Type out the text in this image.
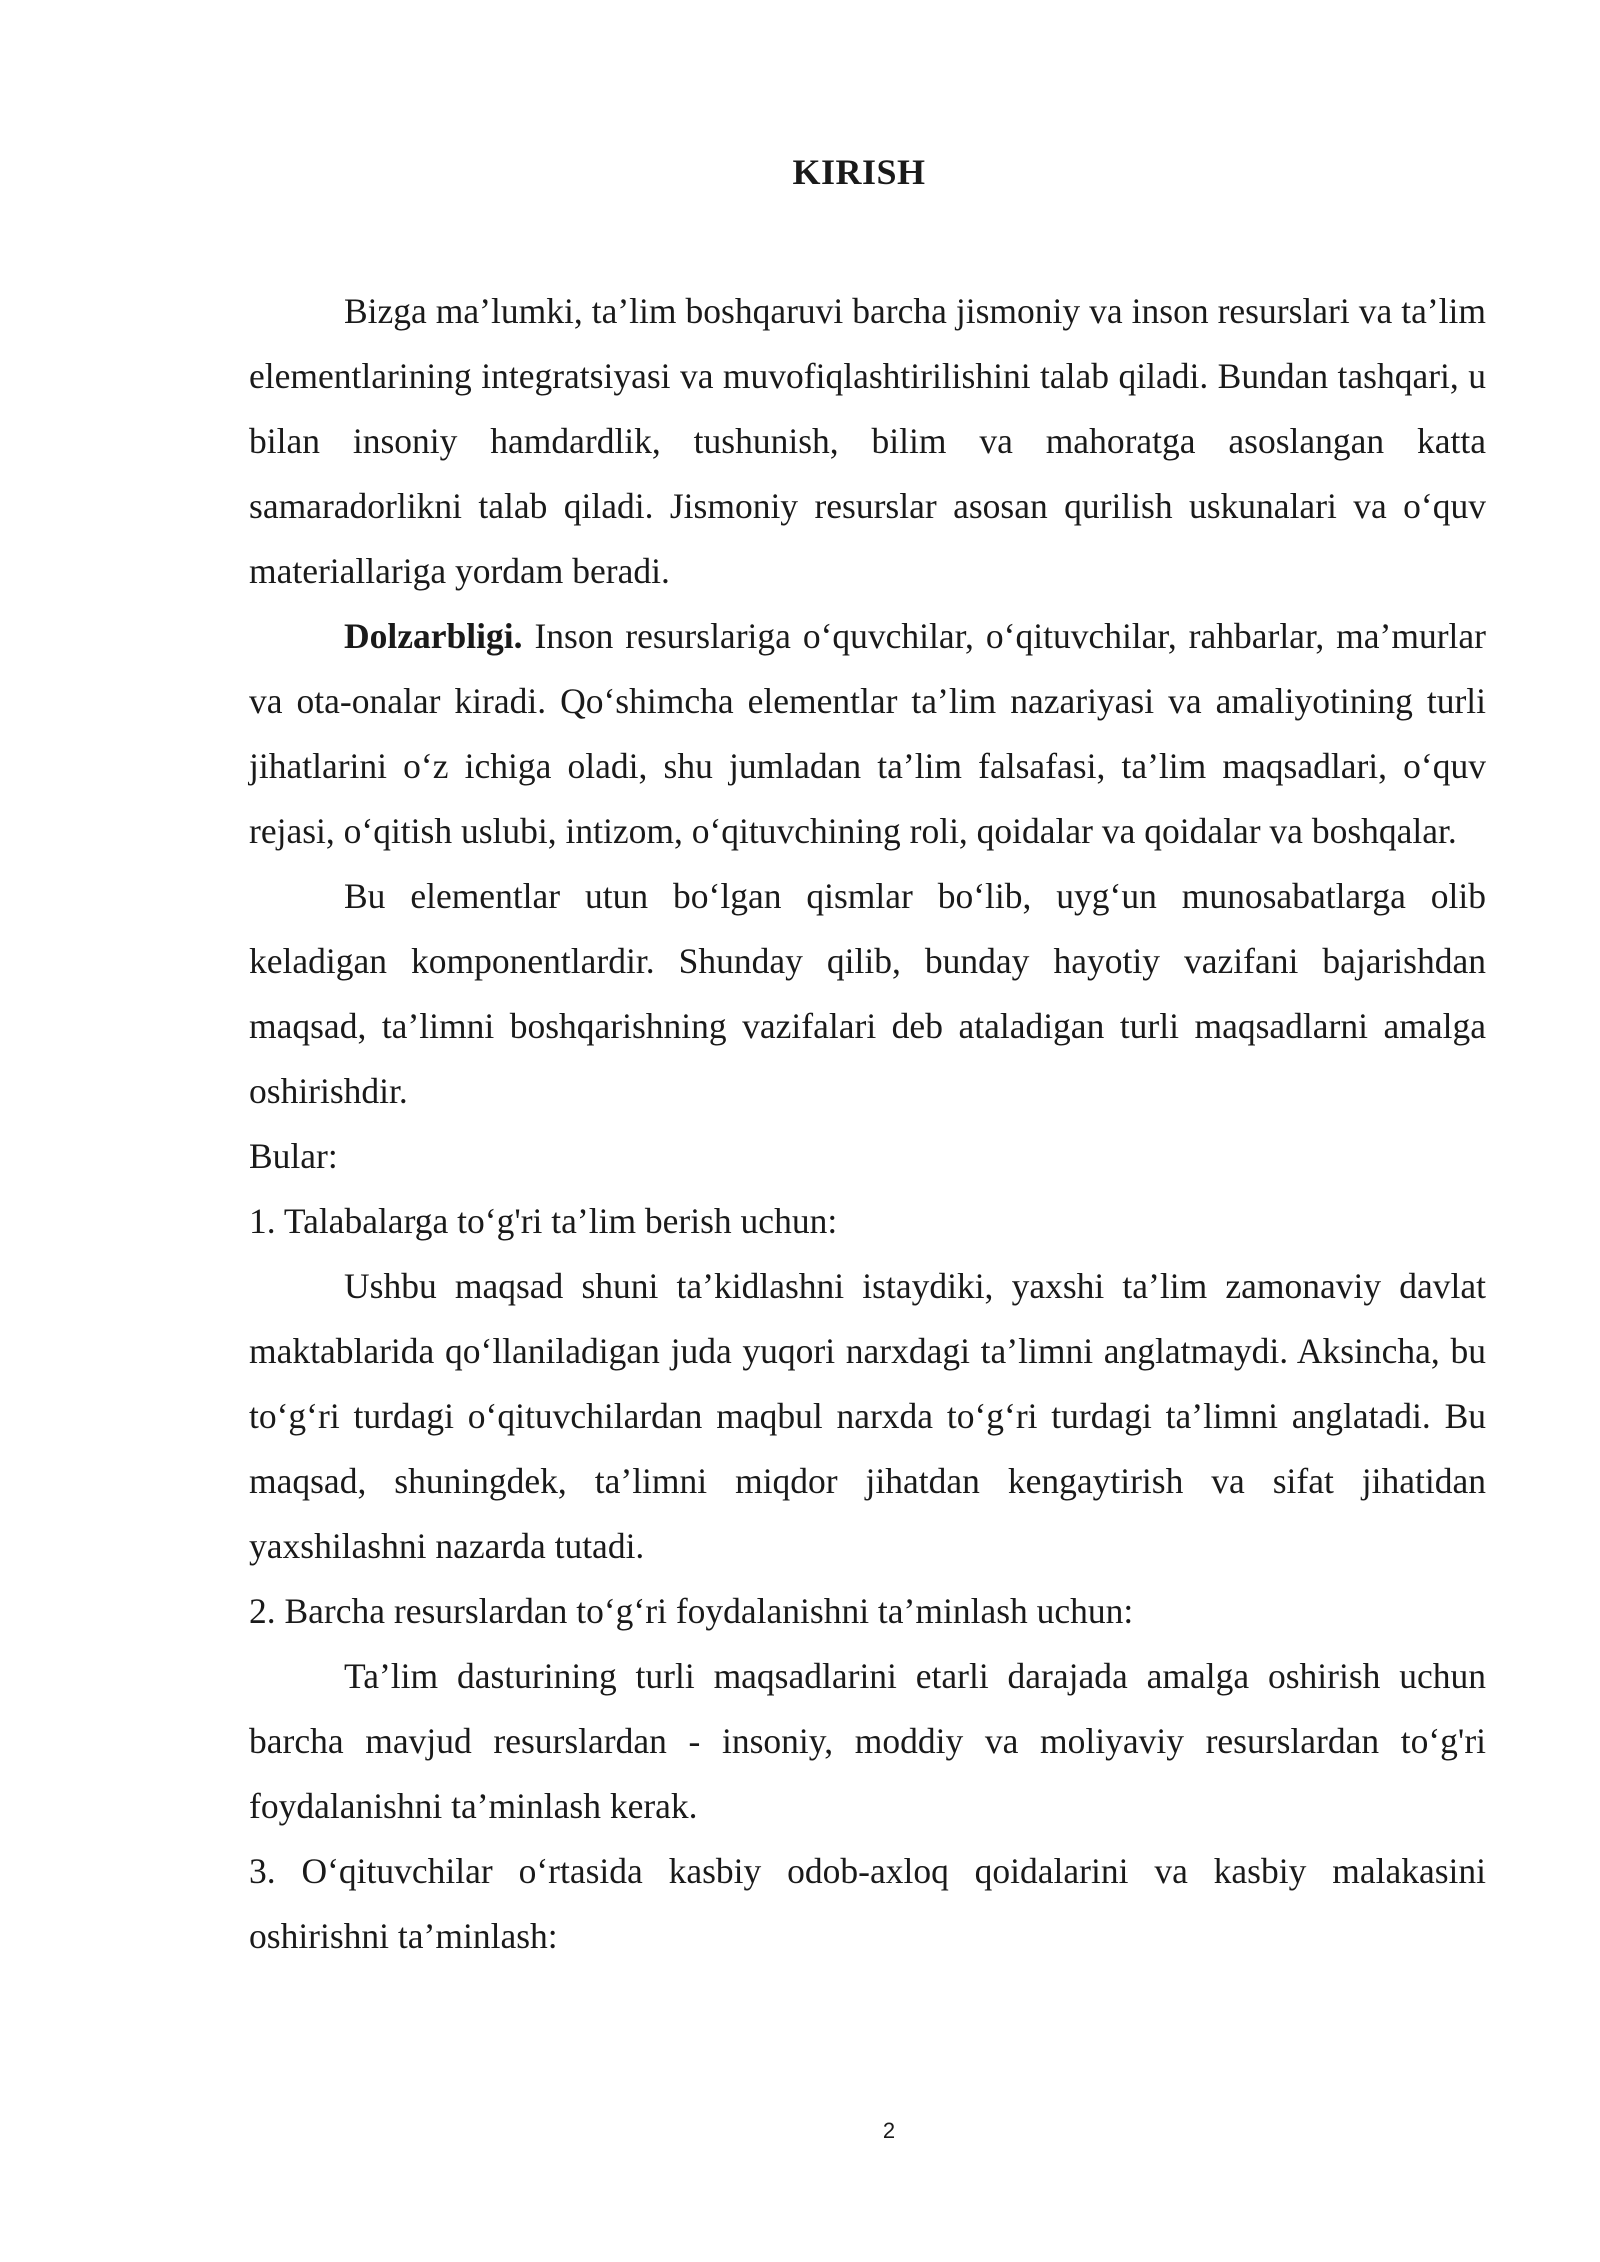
KIRISH

Bizga ma’lumki, ta’lim boshqaruvi barcha jismoniy va inson resurslari va ta’lim elementlarining integratsiyasi va muvofiqlashtirilishini talab qiladi. Bundan tashqari, u bilan insoniy hamdardlik, tushunish, bilim va mahoratga asoslangan katta samaradorlikni talab qiladi. Jismoniy resurslar asosan qurilish uskunalari va o‘quv materiallariga yordam beradi.

Dolzarbligi. Inson resurslariga o‘quvchilar, o‘qituvchilar, rahbarlar, ma’murlar va ota-onalar kiradi. Qo‘shimcha elementlar ta’lim nazariyasi va amaliyotining turli jihatlarini o‘z ichiga oladi, shu jumladan ta’lim falsafasi, ta’lim maqsadlari, o‘quv rejasi, o‘qitish uslubi, intizom, o‘qituvchining roli, qoidalar va qoidalar va boshqalar.

Bu elementlar utun bo‘lgan qismlar bo‘lib, uyg‘un munosabatlarga olib keladigan komponentlardir. Shunday qilib, bunday hayotiy vazifani bajarishdan maqsad, ta’limni boshqarishning vazifalari deb ataladigan turli maqsadlarni amalga oshirishdir.

Bular:

1. Talabalarga to‘g'ri ta’lim berish uchun:

Ushbu maqsad shuni ta’kidlashni istaydiki, yaxshi ta’lim zamonaviy davlat maktablarida qo‘llaniladigan juda yuqori narxdagi ta’limni anglatmaydi. Aksincha, bu to‘g‘ri turdagi o‘qituvchilardan maqbul narxda to‘g‘ri turdagi ta’limni anglatadi. Bu maqsad, shuningdek, ta’limni miqdor jihatdan kengaytirish va sifat jihatidan yaxshilashni nazarda tutadi.

2. Barcha resurslardan to‘g‘ri foydalanishni ta’minlash uchun:

Ta’lim dasturining turli maqsadlarini etarli darajada amalga oshirish uchun barcha mavjud resurslardan - insoniy, moddiy va moliyaviy resurslardan to‘g'ri foydalanishni ta’minlash kerak.

3. O‘qituvchilar o‘rtasida kasbiy odob-axloq qoidalarini va kasbiy malakasini oshirishni ta’minlash:

2
